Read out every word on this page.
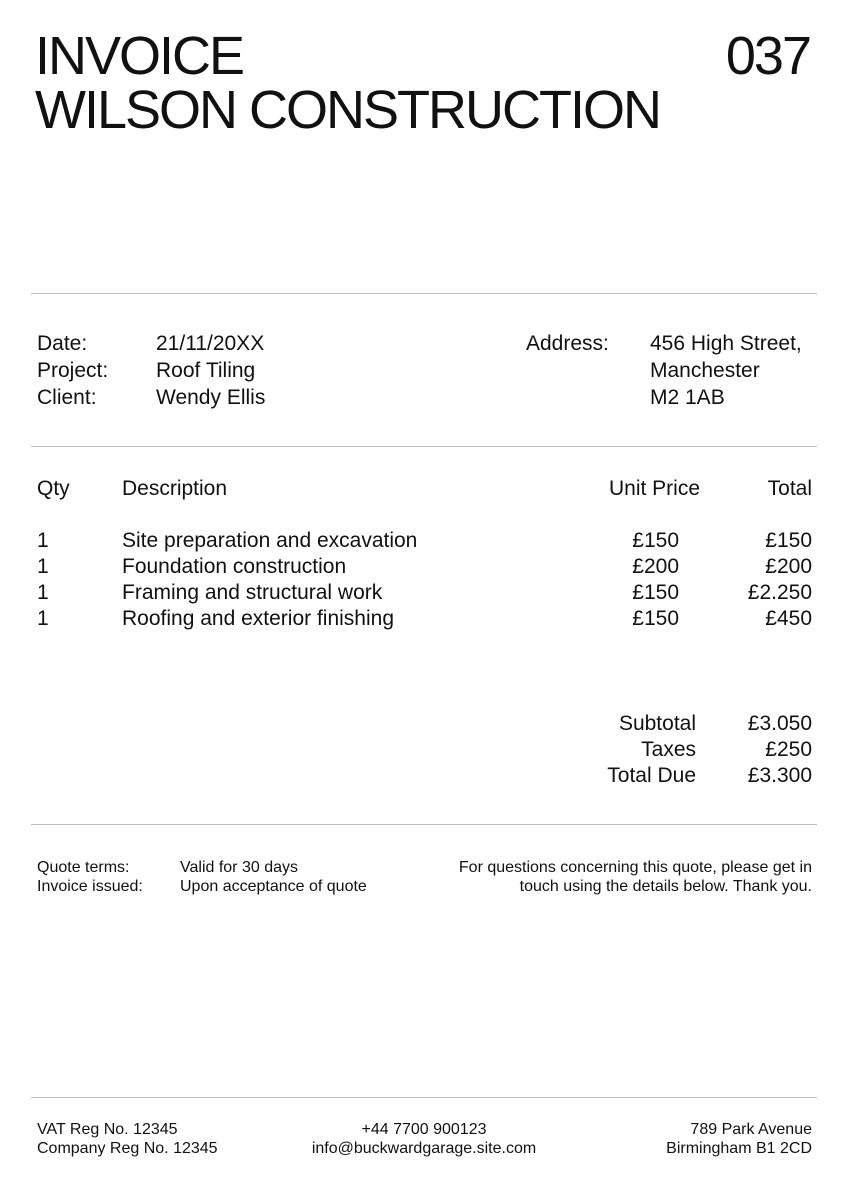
INVOICE
WILSON CONSTRUCTION
037
Date:	21/11/20XX
Project: Roof Tiling
Client:	Wendy Ellis
Address: 456 High Street,
Manchester
M2 1AB
Qty Description	Unit Price	Total
1	Site preparation and excavation	£150	£150
1	Foundation construction	£200	£200
1	Framing and structural work	£150	£2.250
1	Roofing and exterior finishing	£150	£450
Subtotal £3.050
Taxes	£250
Total Due £3.300
Quote terms:	Valid for 30 days
Invoice issued: Upon acceptance of quote
For questions concerning this quote, please get in
touch using the details below. Thank you.
VAT Reg No. 12345
Company Reg No. 12345
+44 7700 900123
info@buckwardgarage.site.com
789 Park Avenue
Birmingham B1 2CD
